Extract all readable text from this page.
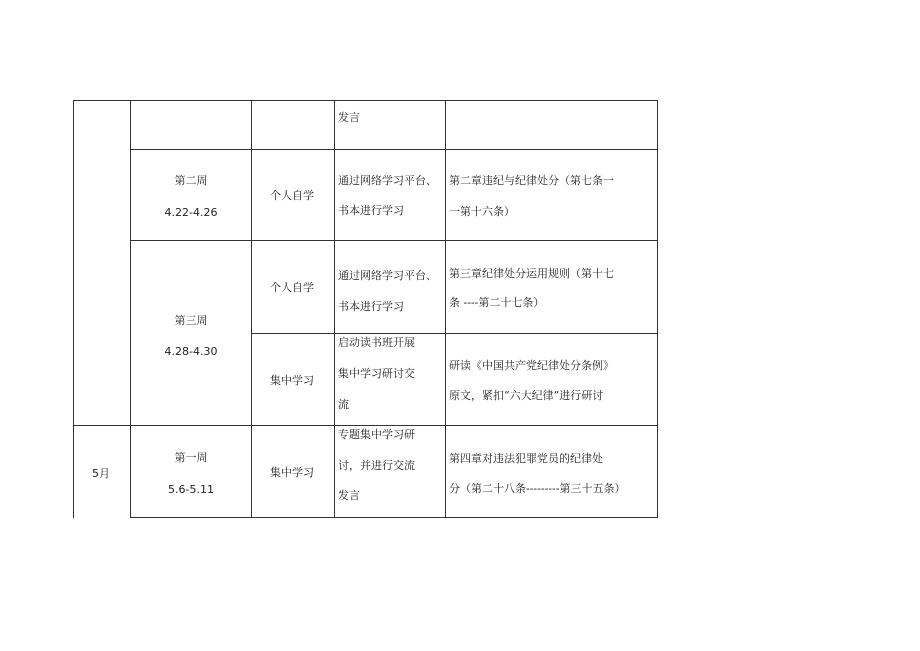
发言
第二周
4.22-4.26
个人自学
通过网络学习平台、
书本进行学习
第二章违纪与纪律处分（第七条一
一第十六条）
第三周
4.28-4.30
个人自学
通过网络学习平台、
书本进行学习
第三章纪律处分运用规则（第十七
条 ----第二十七条）
集中学习
启动读书班开展
集中学习研讨交
流
研读《中国共产党纪律处分条例》
原文，紧扣“六大纪律”进行研讨
5月
第一周
5.6-5.11
集中学习
专题集中学习研
讨，并进行交流
发言
第四章对违法犯罪党员的纪律处
分（第二十八条---------第三十五条）
